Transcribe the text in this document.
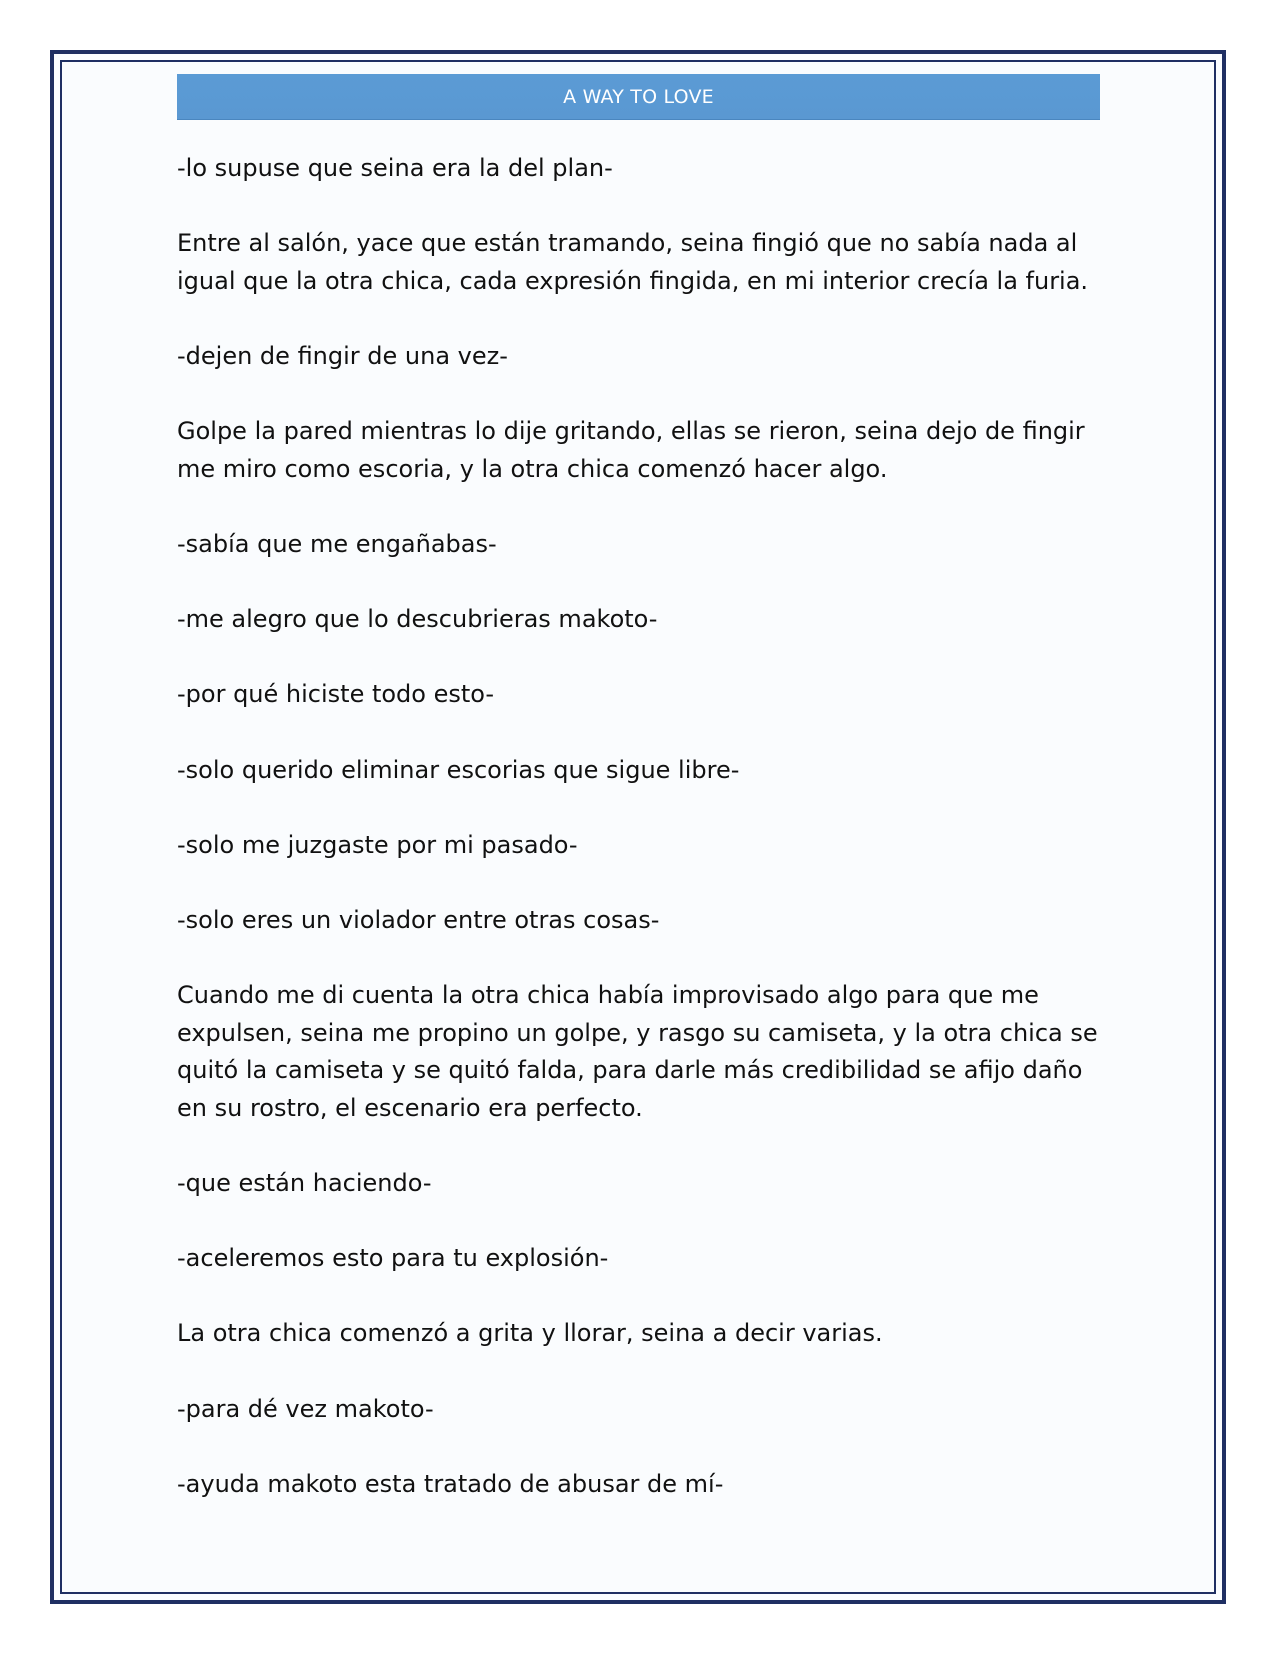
A WAY TO LOVE

-lo supuse que seina era la del plan-

Entre al salón, yace que están tramando, seina fingió que no sabía nada al igual que la otra chica, cada expresión fingida, en mi interior crecía la furia.

-dejen de fingir de una vez-

Golpe la pared mientras lo dije gritando, ellas se rieron, seina dejo de fingir me miro como escoria, y la otra chica comenzó hacer algo.

-sabía que me engañabas-

-me alegro que lo descubrieras makoto-

-por qué hiciste todo esto-

-solo querido eliminar escorias que sigue libre-

-solo me juzgaste por mi pasado-

-solo eres un violador entre otras cosas-

Cuando me di cuenta la otra chica había improvisado algo para que me expulsen, seina me propino un golpe, y rasgo su camiseta, y la otra chica se quitó la camiseta y se quitó falda, para darle más credibilidad se afijo daño en su rostro, el escenario era perfecto.

-que están haciendo-

-aceleremos esto para tu explosión-

La otra chica comenzó a grita y llorar, seina a decir varias.

-para dé vez makoto-

-ayuda makoto esta tratado de abusar de mí-
